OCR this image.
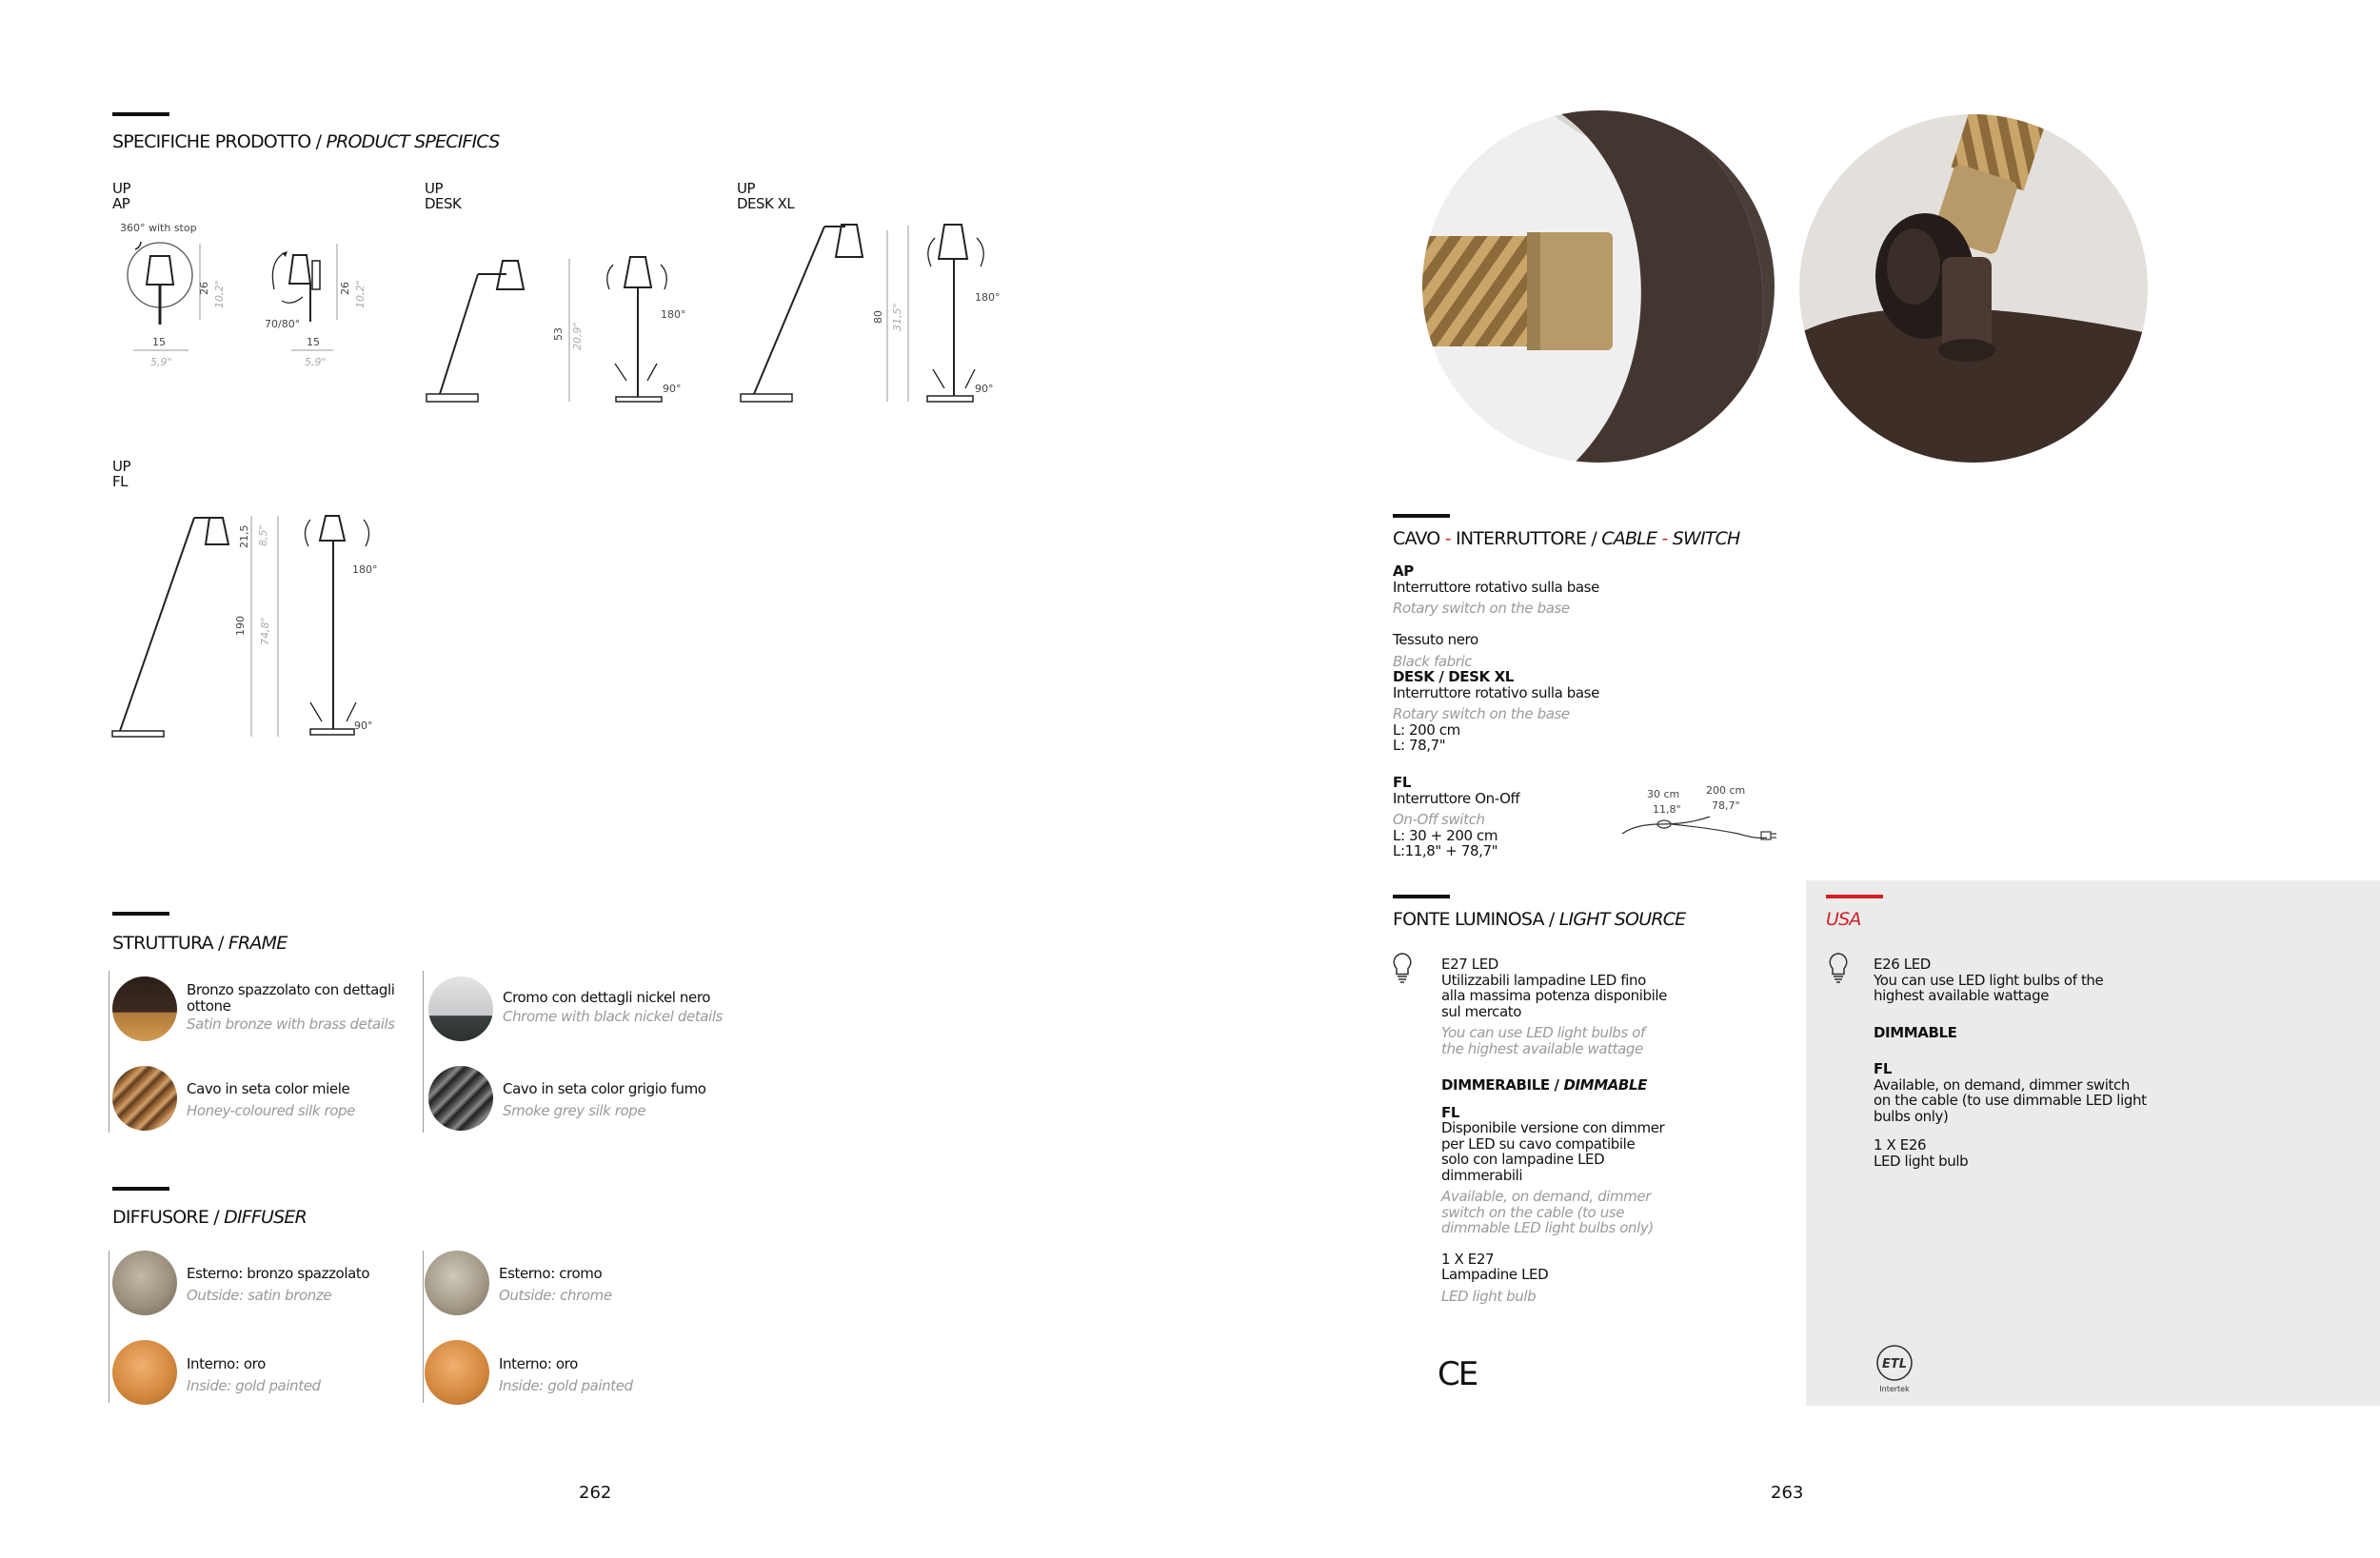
SPECIFICHE PRODOTTO / PRODUCT SPECIFICS
UP
AP
360° with stop
26 10,2"
15
5,9"
70/80°
26 10,2"
15
5,9"
UP
DESK
53 20,9"
180°
90°
UP
DESK XL
80 31,5"
180°
90°
UP
FL
21,5 8,5"
190 74,8"
180°
90°
STRUTTURA / FRAME
Bronzo spazzolato con dettagli
ottone
Satin bronze with brass details
Cromo con dettagli nickel nero
Chrome with black nickel details
Cavo in seta color miele
Honey-coloured silk rope
Cavo in seta color grigio fumo
Smoke grey silk rope
DIFFUSORE / DIFFUSER
Esterno: bronzo spazzolato
Outside: satin bronze
Esterno: cromo
Outside: chrome
Interno: oro
Inside: gold painted
Interno: oro
Inside: gold painted
262
CAVO - INTERRUTTORE / CABLE - SWITCH
AP
Interruttore rotativo sulla base
Rotary switch on the base
Tessuto nero
Black fabric
DESK / DESK XL
Interruttore rotativo sulla base
Rotary switch on the base
L: 200 cm
L: 78,7"
FL
Interruttore On-Off
On-Off switch
L: 30 + 200 cm
L:11,8" + 78,7"
30 cm
11,8"
200 cm
78,7"
FONTE LUMINOSA / LIGHT SOURCE
E27 LED
Utilizzabili lampadine LED fino
alla massima potenza disponibile
sul mercato
You can use LED light bulbs of
the highest available wattage
DIMMERABILE / DIMMABLE
FL
Disponibile versione con dimmer
per LED su cavo compatibile
solo con lampadine LED
dimmerabili
Available, on demand, dimmer
switch on the cable (to use
dimmable LED light bulbs only)
1 X E27
Lampadine LED
LED light bulb
CE
USA
E26 LED
You can use LED light bulbs of the
highest available wattage
DIMMABLE
FL
Available, on demand, dimmer switch
on the cable (to use dimmable LED light
bulbs only)
1 X E26
LED light bulb
ETL
Intertek
263
